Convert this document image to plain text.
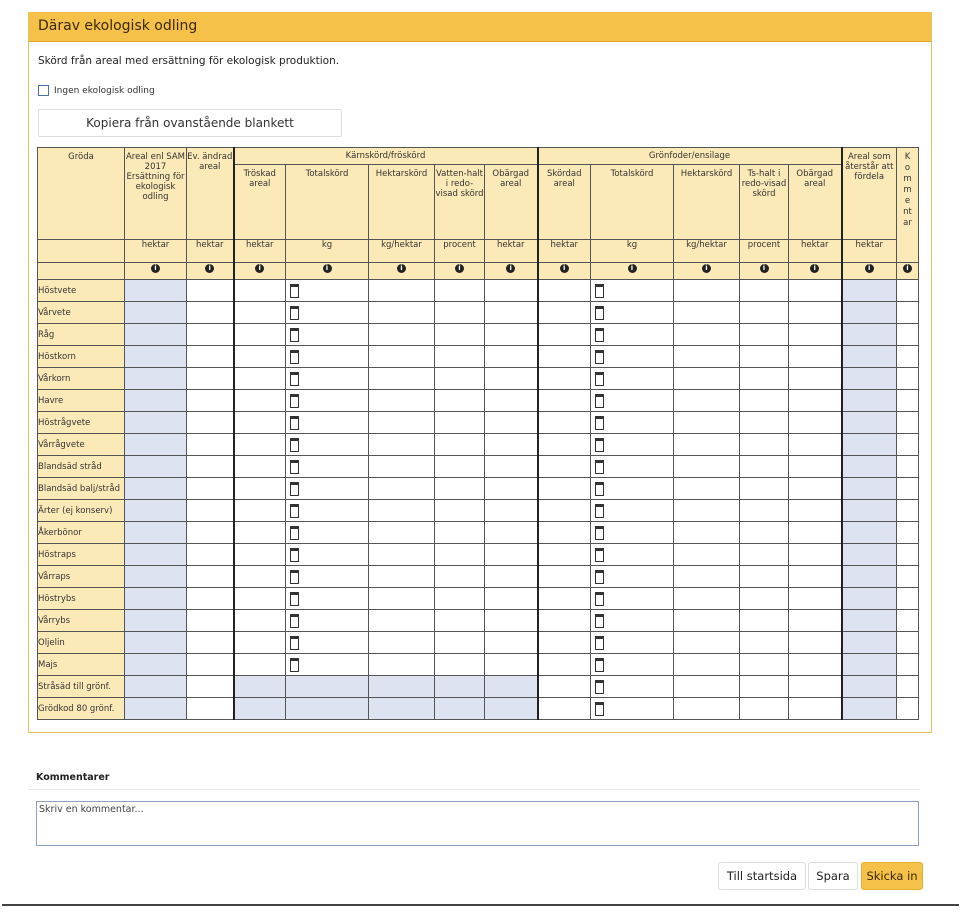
Därav ekologisk odling
Skörd från areal med ersättning för ekologisk produktion.
Ingen ekologisk odling
Kopiera från ovanstående blankett
Gröda	Areal enl SAM 2017 Ersättning för ekologisk odling	Ev. ändrad areal	Kärnskörd/fröskörd					Grönfoder/ensilage					Areal som återstår att fördela	Kommentar
			Tröskad areal	Totalskörd	Hektarskörd	Vatten-halt i redo-visad skörd	Obärgad areal	Skördad areal	Totalskörd	Hektarskörd	Ts-halt i redo-visad skörd	Obärgad areal		
	hektar	hektar	hektar	kg	kg/hektar	procent	hektar	hektar	kg	kg/hektar	procent	hektar	hektar	
	i	i	i	i	i	i	i	i	i	i	i	i	i	i
Höstvete				

Vårvete				

Råg				

Höstkorn				

Vårkorn				

Havre				

Höstrågvete				

Vårrågvete				

Blandsäd stråd				

Blandsäd balj/stråd				

Ärter (ej konserv)				

Åkerbönor				

Höstraps				

Vårraps				

Höstrybs				

Vårrybs				

Oljelin				

Majs				

Stråsäd till grönf.									

Grödkod 80 grönf.									

Kommentarer
Skriv en kommentar...
Till startsida	Spara	Skicka in
